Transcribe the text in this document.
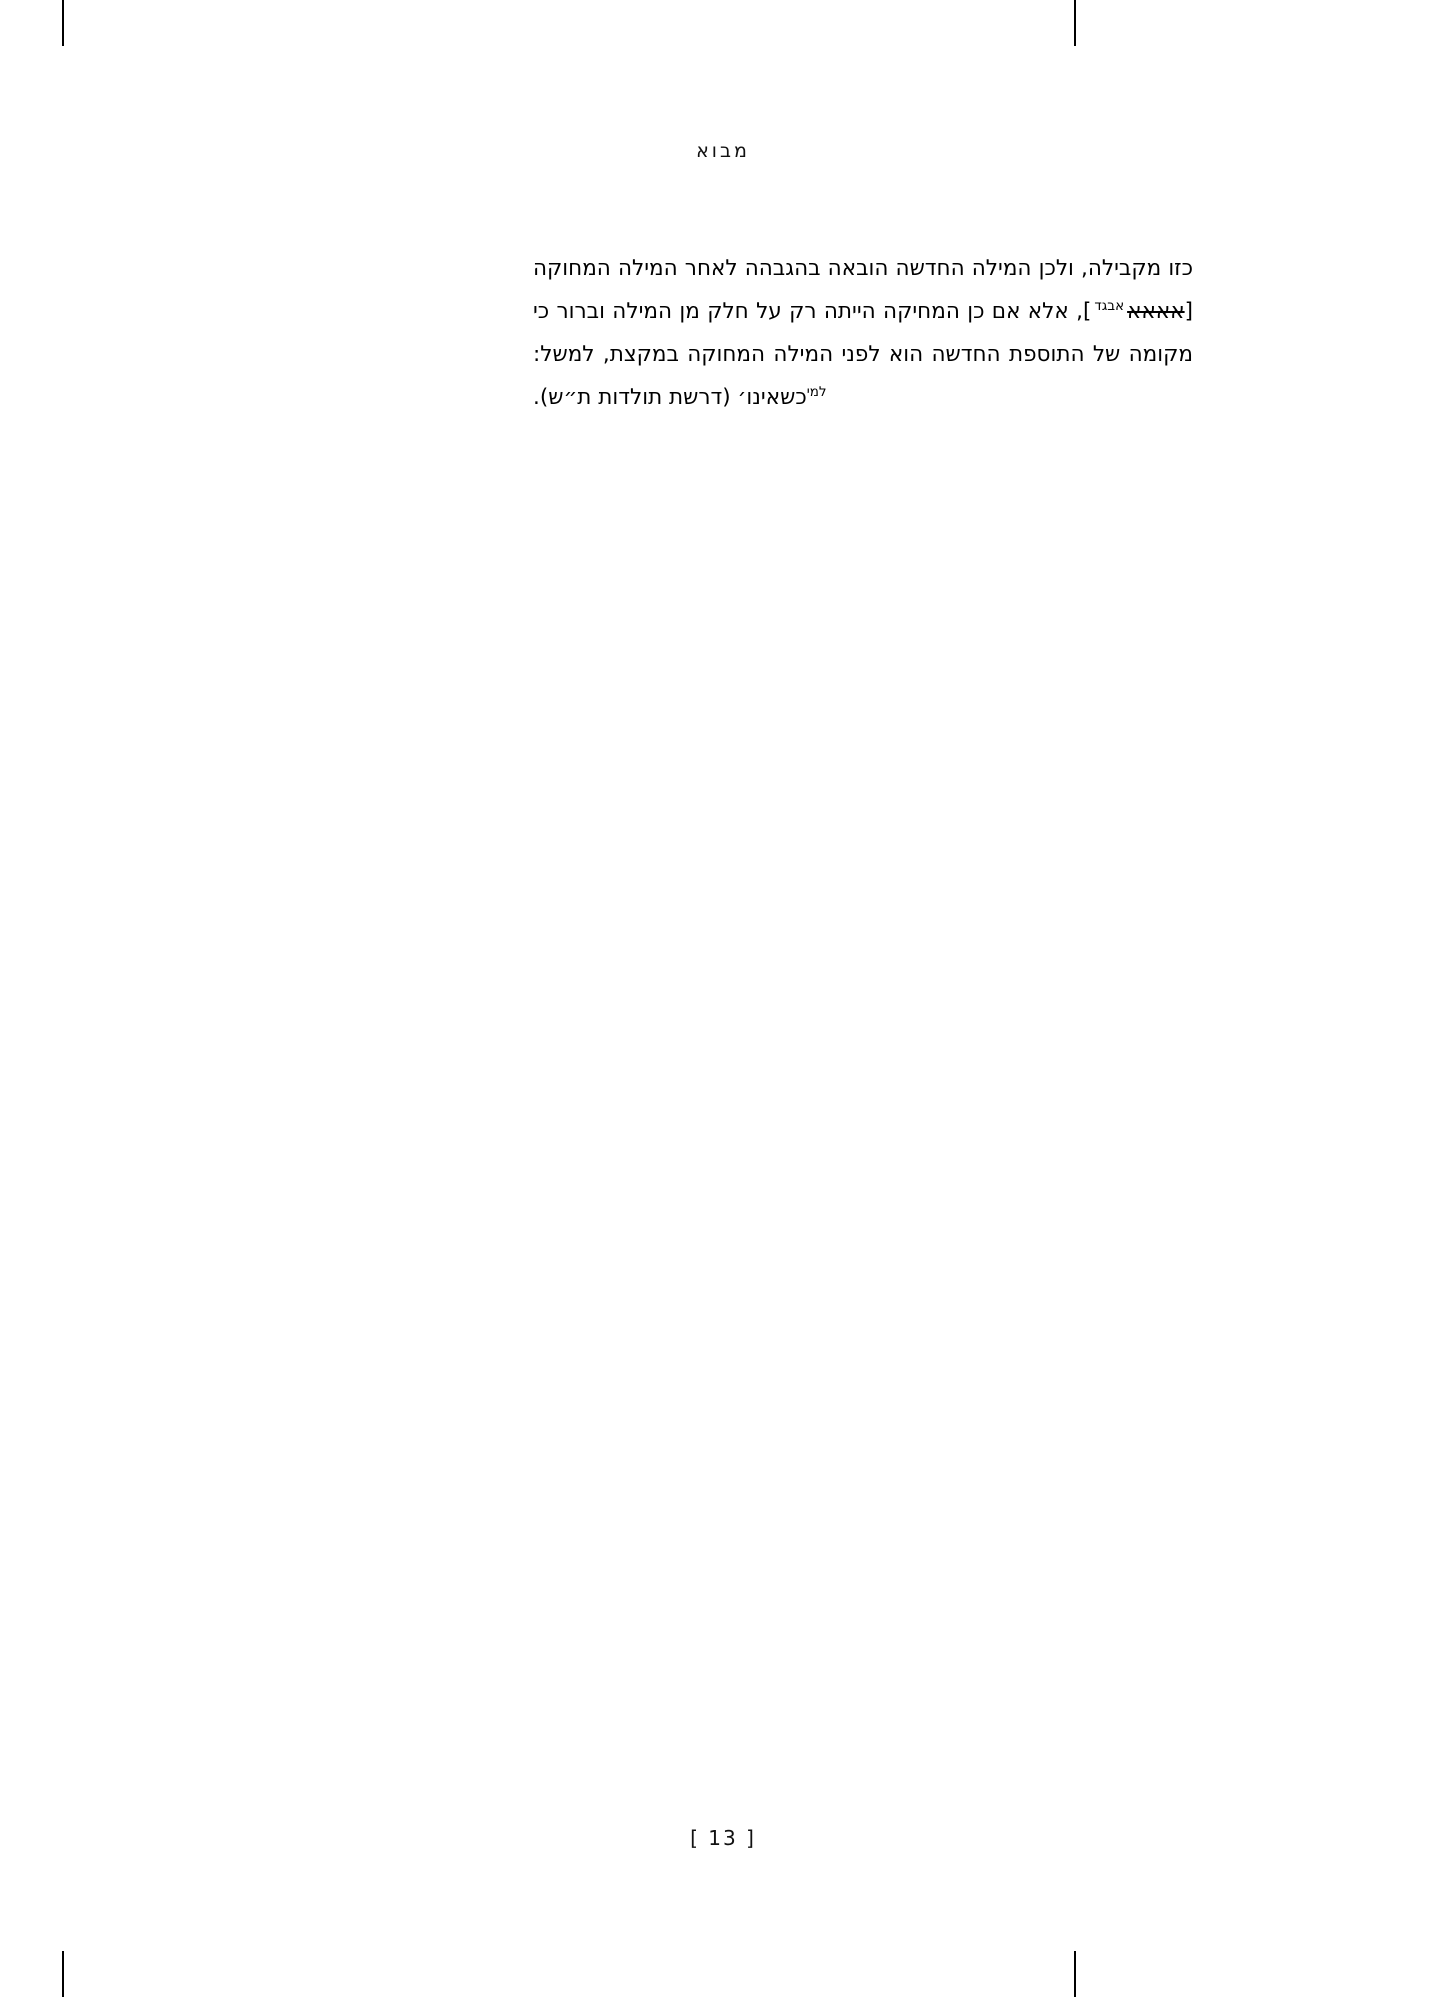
מבוא

כזו מקבילה, ולכן המילה החדשה הובאה בהגבהה לאחר המילה המחוקה
[אאאא$^{אבגד}$], אלא אם כן המחיקה הייתה רק על חלק מן המילה וברור כי
מקומה של התוספת החדשה הוא לפני המילה המחוקה במקצת, למשל:
$^{למי}$כשאינו׳ (דרשת תולדות ת״ש).

[ 13 ]
